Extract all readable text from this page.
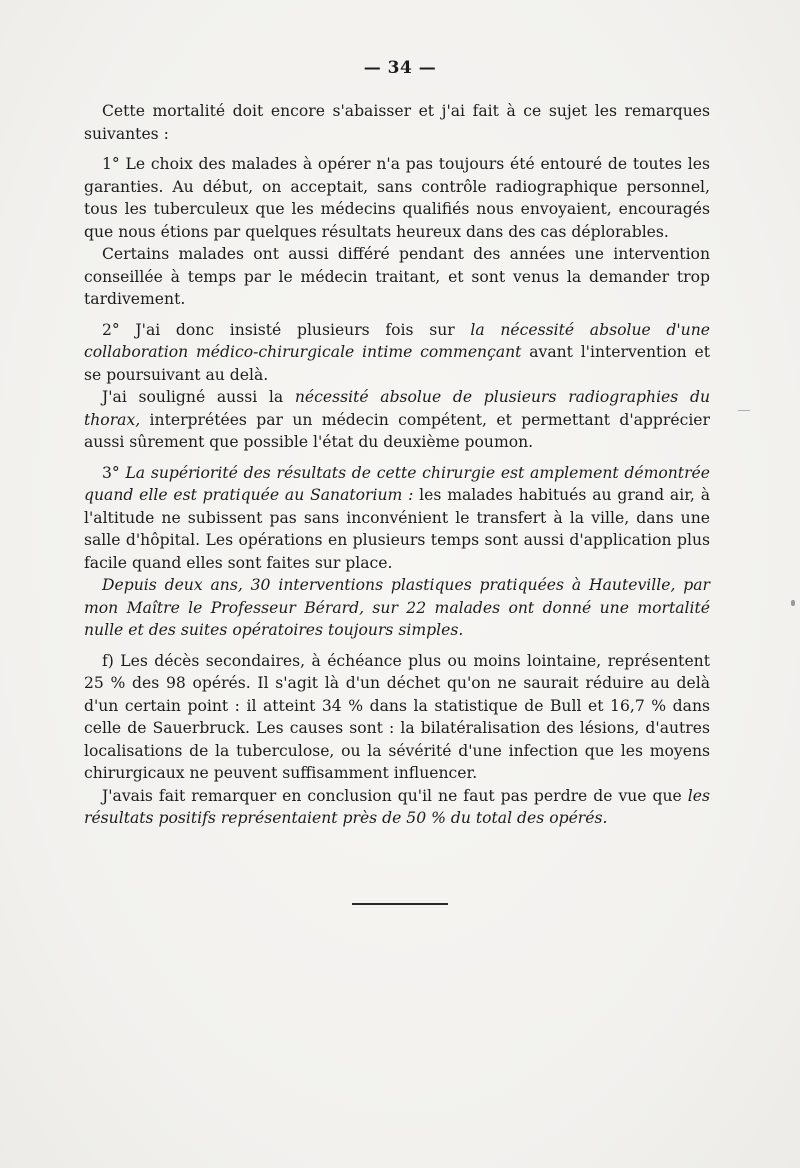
— 34 —

Cette mortalité doit encore s'abaisser et j'ai fait à ce sujet les remarques suivantes :

1° Le choix des malades à opérer n'a pas toujours été entouré de toutes les garanties. Au début, on acceptait, sans contrôle radiographique personnel, tous les tuberculeux que les médecins qualifiés nous envoyaient, encouragés que nous étions par quelques résultats heureux dans des cas déplorables.

Certains malades ont aussi différé pendant des années une intervention conseillée à temps par le médecin traitant, et sont venus la demander trop tardivement.

2° J'ai donc insisté plusieurs fois sur la nécessité absolue d'une collaboration médico-chirurgicale intime commençant avant l'intervention et se poursuivant au delà.

J'ai souligné aussi la nécessité absolue de plusieurs radiographies du thorax, interprétées par un médecin compétent, et permettant d'apprécier aussi sûrement que possible l'état du deuxième poumon.

3° La supériorité des résultats de cette chirurgie est amplement démontrée quand elle est pratiquée au Sanatorium : les malades habitués au grand air, à l'altitude ne subissent pas sans inconvénient le transfert à la ville, dans une salle d'hôpital. Les opérations en plusieurs temps sont aussi d'application plus facile quand elles sont faites sur place.

Depuis deux ans, 30 interventions plastiques pratiquées à Hauteville, par mon Maître le Professeur Bérard, sur 22 malades ont donné une mortalité nulle et des suites opératoires toujours simples.

f) Les décès secondaires, à échéance plus ou moins lointaine, représentent 25 % des 98 opérés. Il s'agit là d'un déchet qu'on ne saurait réduire au delà d'un certain point : il atteint 34 % dans la statistique de Bull et 16,7 % dans celle de Sauerbruck. Les causes sont : la bilatéralisation des lésions, d'autres localisations de la tuberculose, ou la sévérité d'une infection que les moyens chirurgicaux ne peuvent suffisamment influencer.

J'avais fait remarquer en conclusion qu'il ne faut pas perdre de vue que les résultats positifs représentaient près de 50 % du total des opérés.
